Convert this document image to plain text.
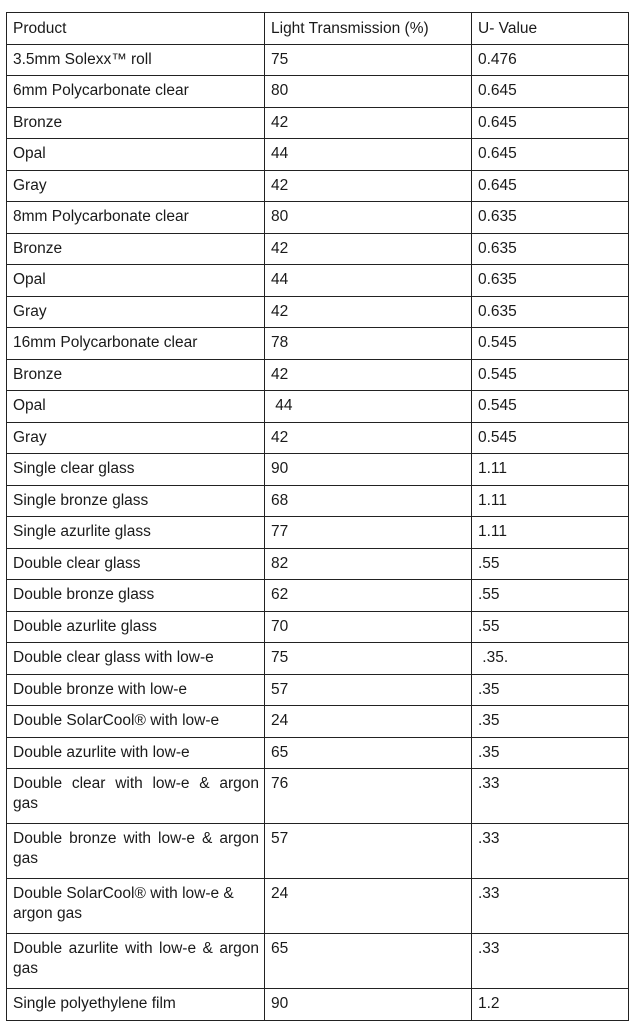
Product	Light Transmission (%)	U- Value
3.5mm Solexx™ roll	75	0.476
6mm Polycarbonate clear	80	0.645
Bronze	42	0.645
Opal	44	0.645
Gray	42	0.645
8mm Polycarbonate clear	80	0.635
Bronze	42	0.635
Opal	44	0.635
Gray	42	0.635
16mm Polycarbonate clear	78	0.545
Bronze	42	0.545
Opal	44	0.545
Gray	42	0.545
Single clear glass	90	1.11
Single bronze glass	68	1.11
Single azurlite glass	77	1.11
Double clear glass	82	.55
Double bronze glass	62	.55
Double azurlite glass	70	.55
Double clear glass with low-e	75	.35.
Double bronze with low-e	57	.35
Double SolarCool® with low-e	24	.35
Double azurlite with low-e	65	.35
Double clear with low-e & argon gas	76	.33
Double bronze with low-e & argon gas	57	.33
Double SolarCool® with low-e & argon gas	24	.33
Double azurlite with low-e & argon gas	65	.33
Single polyethylene film	90	1.2
